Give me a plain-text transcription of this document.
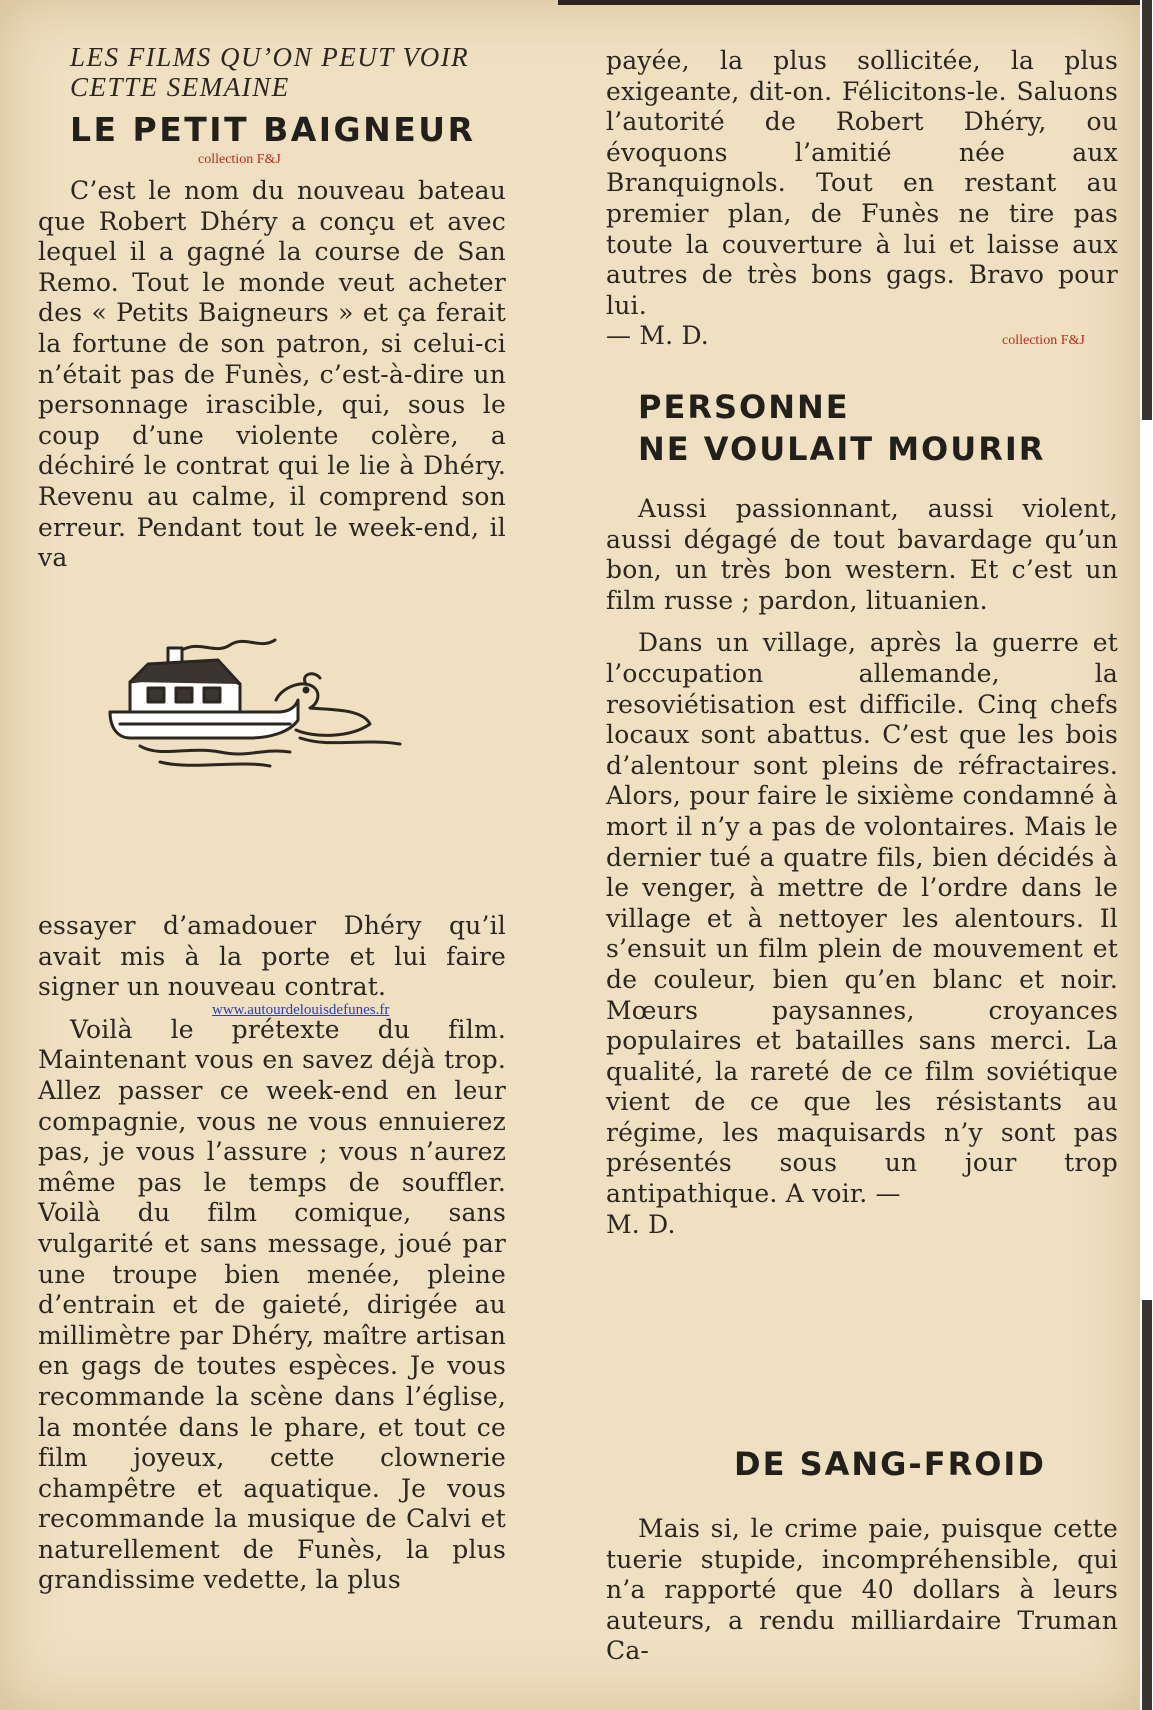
LES FILMS QU’ON PEUT VOIR

CETTE SEMAINE

LE PETIT BAIGNEUR

collection F&J

C’est le nom du nouveau bateau que Robert Dhéry a conçu et avec lequel il a gagné la course de San Remo. Tout le monde veut acheter des « Petits Baigneurs » et ça ferait la fortune de son patron, si celui-ci n’était pas de Funès, c’est-à-dire un personnage irascible, qui, sous le coup d’une violente colère, a déchiré le contrat qui le lie à Dhéry. Revenu au calme, il comprend son erreur. Pendant tout le week-end, il va

essayer d’amadouer Dhéry qu’il avait mis à la porte et lui faire signer un nouveau contrat.

Voilà le prétexte du film. Maintenant vous en savez déjà trop. Allez passer ce week-end en leur compagnie, vous ne vous ennuierez pas, je vous l’assure ; vous n’aurez même pas le temps de souffler. Voilà du film comique, sans vulgarité et sans message, joué par une troupe bien menée, pleine d’entrain et de gaieté, dirigée au millimètre par Dhéry, maître artisan en gags de toutes espèces. Je vous recommande la scène dans l’église, la montée dans le phare, et tout ce film joyeux, cette clownerie champêtre et aquatique. Je vous recommande la musique de Calvi et naturellement de Funès, la plus grandissime vedette, la plus

www.autourdelouisdefunes.fr

payée, la plus sollicitée, la plus exigeante, dit-on. Félicitons-le. Saluons l’autorité de Robert Dhéry, ou évoquons l’amitié née aux Branquignols. Tout en restant au premier plan, de Funès ne tire pas toute la couverture à lui et laisse aux autres de très bons gags. Bravo pour lui.

— M. D.	collection F&J

PERSONNE

NE VOULAIT MOURIR

Aussi passionnant, aussi violent, aussi dégagé de tout bavardage qu’un bon, un très bon western. Et c’est un film russe ; pardon, lituanien.

Dans un village, après la guerre et l’occupation allemande, la resoviétisation est difficile. Cinq chefs locaux sont abattus. C’est que les bois d’alentour sont pleins de réfractaires. Alors, pour faire le sixième condamné à mort il n’y a pas de volontaires. Mais le dernier tué a quatre fils, bien décidés à le venger, à mettre de l’ordre dans le village et à nettoyer les alentours. Il s’ensuit un film plein de mouvement et de couleur, bien qu’en blanc et noir. Mœurs paysannes, croyances populaires et batailles sans merci. La qualité, la rareté de ce film soviétique vient de ce que les résistants au régime, les maquisards n’y sont pas présentés sous un jour trop antipathique. A voir. —

M. D.

DE SANG-FROID

Mais si, le crime paie, puisque cette tuerie stupide, incompréhensible, qui n’a rapporté que 40 dollars à leurs auteurs, a rendu milliardaire Truman Ca-
